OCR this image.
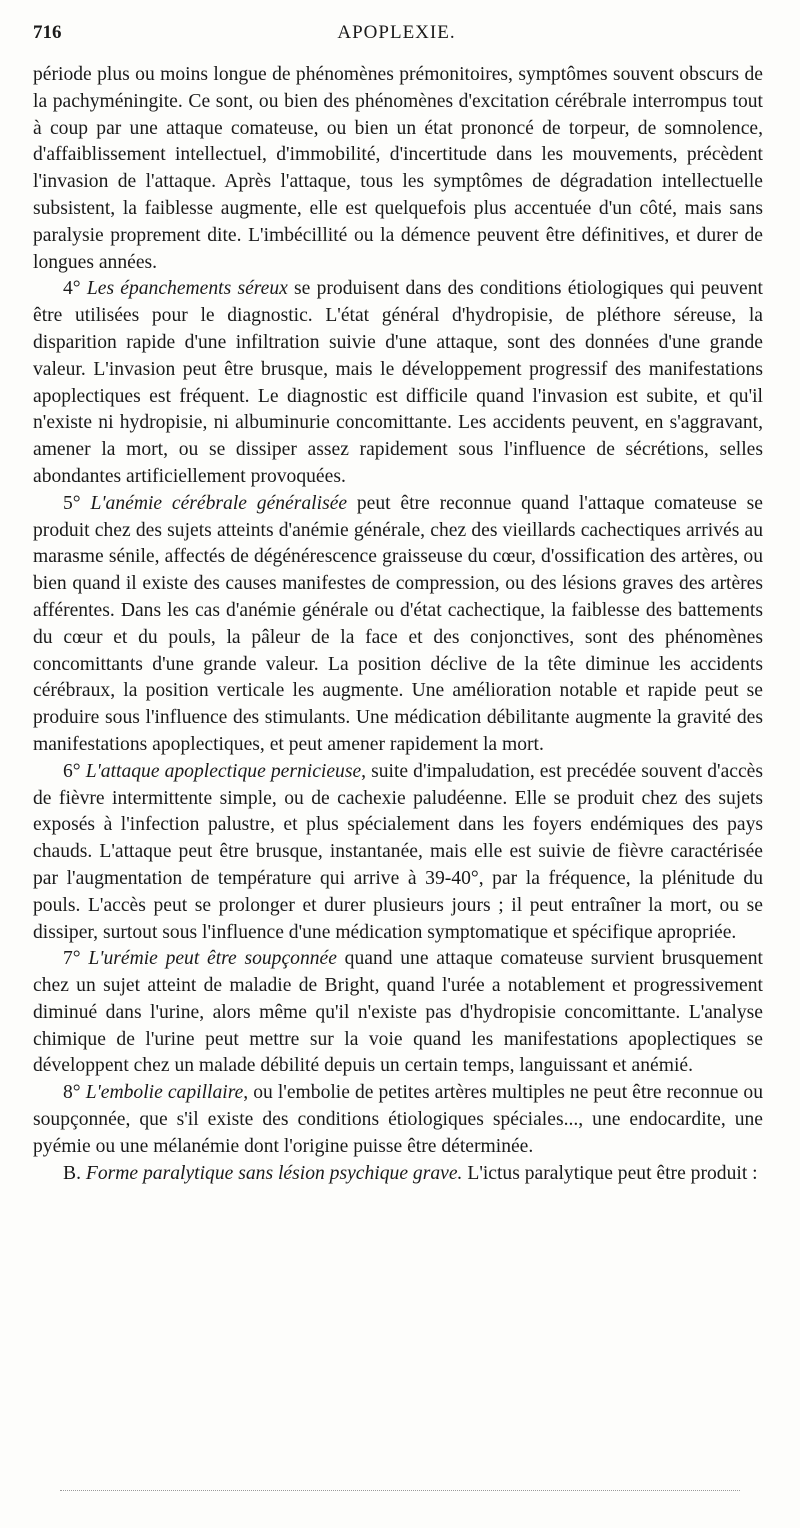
716	APOPLEXIE.

période plus ou moins longue de phénomènes prémonitoires, symptômes souvent obscurs de la pachyméningite. Ce sont, ou bien des phénomènes d'excitation cérébrale interrompus tout à coup par une attaque comateuse, ou bien un état prononcé de torpeur, de somnolence, d'affaiblissement intellectuel, d'immobilité, d'incertitude dans les mouvements, précèdent l'invasion de l'attaque. Après l'attaque, tous les symptômes de dégradation intellectuelle subsistent, la faiblesse augmente, elle est quelquefois plus accentuée d'un côté, mais sans paralysie proprement dite. L'imbécillité ou la démence peuvent être définitives, et durer de longues années.

4° Les épanchements séreux se produisent dans des conditions étiologiques qui peuvent être utilisées pour le diagnostic. L'état général d'hydropisie, de pléthore séreuse, la disparition rapide d'une infiltration suivie d'une attaque, sont des données d'une grande valeur. L'invasion peut être brusque, mais le développement progressif des manifestations apoplectiques est fréquent. Le diagnostic est difficile quand l'invasion est subite, et qu'il n'existe ni hydropisie, ni albuminurie concomittante. Les accidents peuvent, en s'aggravant, amener la mort, ou se dissiper assez rapidement sous l'influence de sécrétions, selles abondantes artificiellement provoquées.

5° L'anémie cérébrale généralisée peut être reconnue quand l'attaque comateuse se produit chez des sujets atteints d'anémie générale, chez des vieillards cachectiques arrivés au marasme sénile, affectés de dégénérescence graisseuse du cœur, d'ossification des artères, ou bien quand il existe des causes manifestes de compression, ou des lésions graves des artères afférentes. Dans les cas d'anémie générale ou d'état cachectique, la faiblesse des battements du cœur et du pouls, la pâleur de la face et des conjonctives, sont des phénomènes concomittants d'une grande valeur. La position déclive de la tête diminue les accidents cérébraux, la position verticale les augmente. Une amélioration notable et rapide peut se produire sous l'influence des stimulants. Une médication débilitante augmente la gravité des manifestations apoplectiques, et peut amener rapidement la mort.

6° L'attaque apoplectique pernicieuse, suite d'impaludation, est precédée souvent d'accès de fièvre intermittente simple, ou de cachexie paludéenne. Elle se produit chez des sujets exposés à l'infection palustre, et plus spécialement dans les foyers endémiques des pays chauds. L'attaque peut être brusque, instantanée, mais elle est suivie de fièvre caractérisée par l'augmentation de température qui arrive à 39-40°, par la fréquence, la plénitude du pouls. L'accès peut se prolonger et durer plusieurs jours ; il peut entraîner la mort, ou se dissiper, surtout sous l'influence d'une médication symptomatique et spécifique apropriée.

7° L'urémie peut être soupçonnée quand une attaque comateuse survient brusquement chez un sujet atteint de maladie de Bright, quand l'urée a notablement et progressivement diminué dans l'urine, alors même qu'il n'existe pas d'hydropisie concomittante. L'analyse chimique de l'urine peut mettre sur la voie quand les manifestations apoplectiques se développent chez un malade débilité depuis un certain temps, languissant et anémié.

8° L'embolie capillaire, ou l'embolie de petites artères multiples ne peut être reconnue ou soupçonnée, que s'il existe des conditions étiologiques spéciales..., une endocardite, une pyémie ou une mélanémie dont l'origine puisse être déterminée.

B. Forme paralytique sans lésion psychique grave. L'ictus paralytique peut être produit :
